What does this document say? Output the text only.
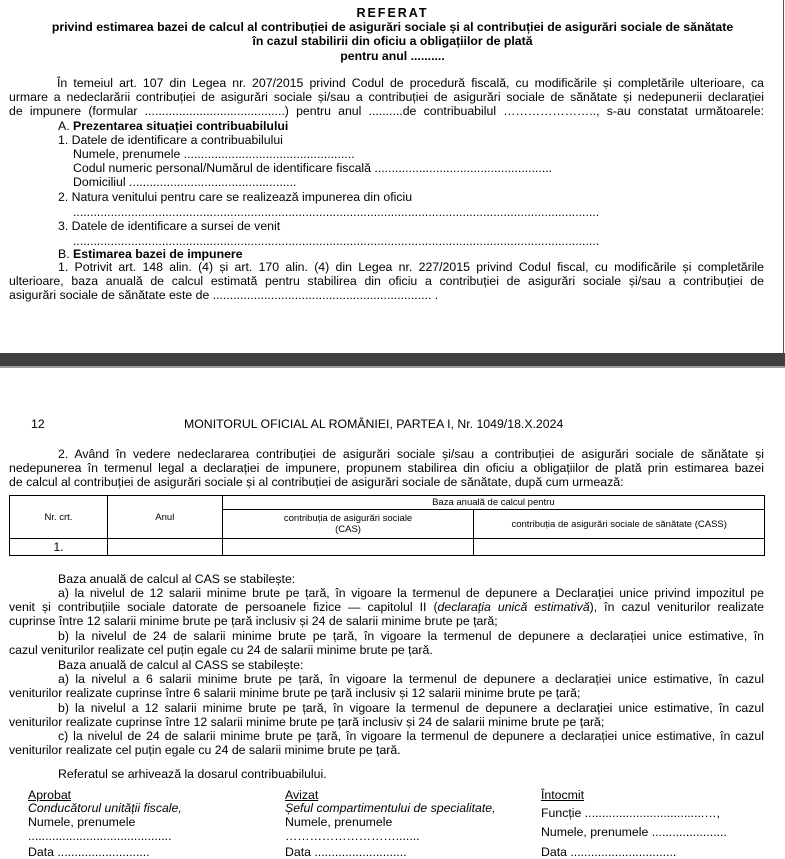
REFERAT

privind estimarea bazei de calcul al contribuției de asigurări sociale și al contribuției de asigurări sociale de sănătate

în cazul stabilirii din oficiu a obligațiilor de plată

pentru anul ..........

În temeiul art. 107 din Legea nr. 207/2015 privind Codul de procedură fiscală, cu modificările și completările ulterioare, ca

urmare a nedeclarării contribuției de asigurări sociale și/sau a contribuției de asigurări sociale de sănătate și nedepunerii declarației

de impunere (formular .........................................) pentru anul ..........de contribuabilul ………………….., s-au constatat următoarele:

A. Prezentarea situației contribuabilului

1. Datele de identificare a contribuabilului

Numele, prenumele ..................................................

Codul numeric personal/Numărul de identificare fiscală ....................................................

Domiciliul .................................................

2. Natura venitului pentru care se realizează impunerea din oficiu

..........................................................................................................................................................

3. Datele de identificare a sursei de venit

..........................................................................................................................................................

B. Estimarea bazei de impunere

1. Potrivit art. 148 alin. (4) și art. 170 alin. (4) din Legea nr. 227/2015 privind Codul fiscal, cu modificările și completările

ulterioare, baza anuală de calcul estimată pentru stabilirea din oficiu a contribuției de asigurări sociale și/sau a contribuției de

asigurări sociale de sănătate este de ................................................................ .

12	MONITORUL OFICIAL AL ROMÂNIEI, PARTEA I, Nr. 1049/18.X.2024

2. Având în vedere nedeclararea contribuției de asigurări sociale și/sau a contribuției de asigurări sociale de sănătate și

nedepunerea în termenul legal a declarației de impunere, propunem stabilirea din oficiu a obligațiilor de plată prin estimarea bazei

de calcul al contribuției de asigurări sociale și al contribuției de asigurări sociale de sănătate, după cum urmează:

Nr. crt.	Anul	Baza anuală de calcul pentru	
		contribuția de asigurări sociale (CAS)	contribuția de asigurări sociale de sănătate (CASS)
1.			

Baza anuală de calcul al CAS se stabilește:

a) la nivelul de 12 salarii minime brute pe țară, în vigoare la termenul de depunere a Declarației unice privind impozitul pe

venit și contribuțiile sociale datorate de persoanele fizice — capitolul II (declarația unică estimativă), în cazul veniturilor realizate

cuprinse între 12 salarii minime brute pe țară inclusiv și 24 de salarii minime brute pe țară;

b) la nivelul de 24 de salarii minime brute pe țară, în vigoare la termenul de depunere a declarației unice estimative, în

cazul veniturilor realizate cel puțin egale cu 24 de salarii minime brute pe țară.

Baza anuală de calcul al CASS se stabilește:

a) la nivelul a 6 salarii minime brute pe țară, în vigoare la termenul de depunere a declarației unice estimative, în cazul

veniturilor realizate cuprinse între 6 salarii minime brute pe țară inclusiv și 12 salarii minime brute pe țară;

b) la nivelul a 12 salarii minime brute pe țară, în vigoare la termenul de depunere a declarației unice estimative, în cazul

veniturilor realizate cuprinse între 12 salarii minime brute pe țară inclusiv și 24 de salarii minime brute pe țară;

c) la nivelul de 24 de salarii minime brute pe țară, în vigoare la termenul de depunere a declarației unice estimative, în cazul

veniturilor realizate cel puțin egale cu 24 de salarii minime brute pe țară.

Referatul se arhivează la dosarul contribuabilului.

Aprobat

Conducătorul unității fiscale,

Numele, prenumele

..........................................

Data ...........................

Avizat

Șeful compartimentului de specialitate,

Numele, prenumele

……………………….......

Data ...........................

Întocmit

Funcție ...................................…,

Numele, prenumele ......................

Data ...............................
